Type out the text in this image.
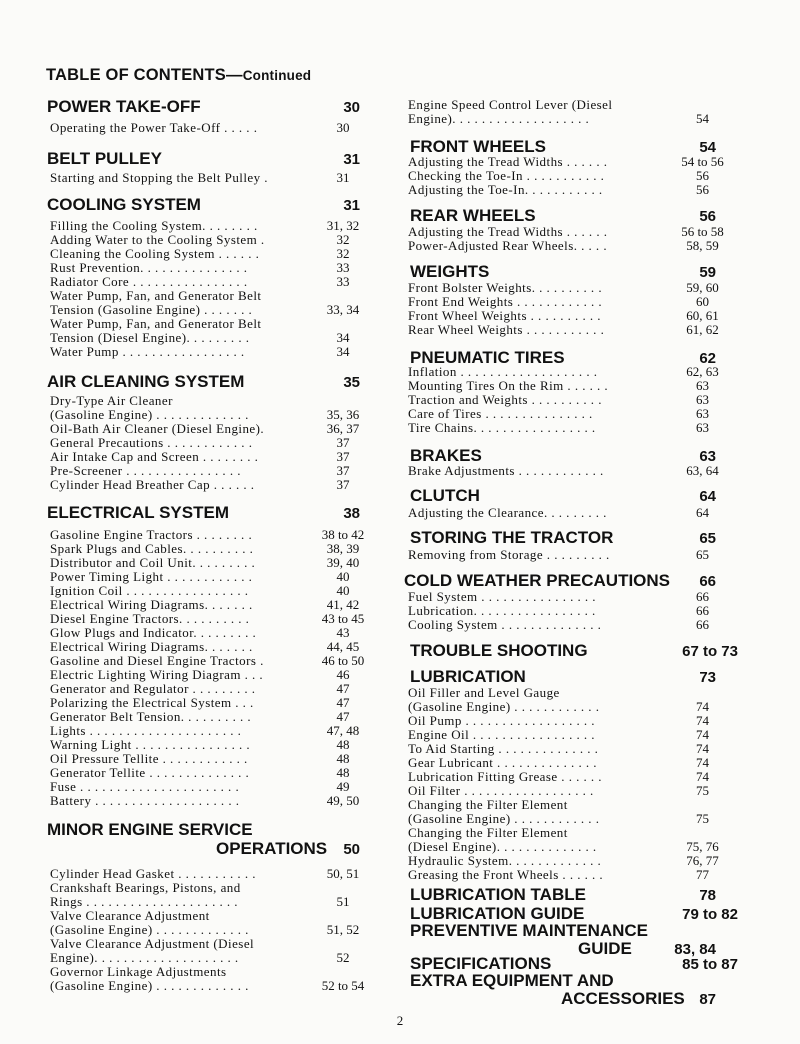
TABLE OF CONTENTS—Continued
POWER TAKE-OFF	30
Operating the Power Take-Off . . . . .	30
BELT PULLEY	31
Starting and Stopping the Belt Pulley .	31
COOLING SYSTEM	31
Filling the Cooling System. . . . . . . .	31, 32
Adding Water to the Cooling System .	32
Cleaning the Cooling System . . . . . .	32
Rust Prevention. . . . . . . . . . . . . . .	33
Radiator Core . . . . . . . . . . . . . . . .	33
Water Pump, Fan, and Generator Belt
Tension (Gasoline Engine) . . . . . . .	33, 34
Water Pump, Fan, and Generator Belt
Tension (Diesel Engine). . . . . . . . .	34
Water Pump . . . . . . . . . . . . . . . . .	34
AIR CLEANING SYSTEM	35
Dry-Type Air Cleaner
(Gasoline Engine) . . . . . . . . . . . . .	35, 36
Oil-Bath Air Cleaner (Diesel Engine).	36, 37
General Precautions . . . . . . . . . . . .	37
Air Intake Cap and Screen . . . . . . . .	37
Pre-Screener . . . . . . . . . . . . . . . .	37
Cylinder Head Breather Cap . . . . . .	37
ELECTRICAL SYSTEM	38
Gasoline Engine Tractors . . . . . . . .	38 to 42
Spark Plugs and Cables. . . . . . . . . .	38, 39
Distributor and Coil Unit. . . . . . . . .	39, 40
Power Timing Light . . . . . . . . . . . .	40
Ignition Coil . . . . . . . . . . . . . . . . .	40
Electrical Wiring Diagrams. . . . . . .	41, 42
Diesel Engine Tractors. . . . . . . . . .	43 to 45
Glow Plugs and Indicator. . . . . . . . .	43
Electrical Wiring Diagrams. . . . . . .	44, 45
Gasoline and Diesel Engine Tractors .	46 to 50
Electric Lighting Wiring Diagram . . .	46
Generator and Regulator . . . . . . . . .	47
Polarizing the Electrical System . . .	47
Generator Belt Tension. . . . . . . . . .	47
Lights . . . . . . . . . . . . . . . . . . . . .	47, 48
Warning Light . . . . . . . . . . . . . . . .	48
Oil Pressure Tellite . . . . . . . . . . . .	48
Generator Tellite . . . . . . . . . . . . . .	48
Fuse . . . . . . . . . . . . . . . . . . . . . .	49
Battery . . . . . . . . . . . . . . . . . . . .	49, 50
MINOR ENGINE SERVICE
OPERATIONS	50
Cylinder Head Gasket . . . . . . . . . . .	50, 51
Crankshaft Bearings, Pistons, and
Rings . . . . . . . . . . . . . . . . . . . . .	51
Valve Clearance Adjustment
(Gasoline Engine) . . . . . . . . . . . . .	51, 52
Valve Clearance Adjustment (Diesel
Engine). . . . . . . . . . . . . . . . . . . .	52
Governor Linkage Adjustments
(Gasoline Engine) . . . . . . . . . . . . .	52 to 54
Engine Speed Control Lever (Diesel
Engine). . . . . . . . . . . . . . . . . . .	54
FRONT WHEELS	54
Adjusting the Tread Widths . . . . . .	54 to 56
Checking the Toe-In . . . . . . . . . . .	56
Adjusting the Toe-In. . . . . . . . . . .	56
REAR WHEELS	56
Adjusting the Tread Widths . . . . . .	56 to 58
Power-Adjusted Rear Wheels. . . . .	58, 59
WEIGHTS	59
Front Bolster Weights. . . . . . . . . .	59, 60
Front End Weights . . . . . . . . . . . .	60
Front Wheel Weights . . . . . . . . . .	60, 61
Rear Wheel Weights . . . . . . . . . . .	61, 62
PNEUMATIC TIRES	62
Inflation . . . . . . . . . . . . . . . . . . .	62, 63
Mounting Tires On the Rim . . . . . .	63
Traction and Weights . . . . . . . . . .	63
Care of Tires . . . . . . . . . . . . . . .	63
Tire Chains. . . . . . . . . . . . . . . . .	63
BRAKES	63
Brake Adjustments . . . . . . . . . . . .	63, 64
CLUTCH	64
Adjusting the Clearance. . . . . . . . .	64
STORING THE TRACTOR	65
Removing from Storage . . . . . . . . .	65
COLD WEATHER PRECAUTIONS	66
Fuel System . . . . . . . . . . . . . . . .	66
Lubrication. . . . . . . . . . . . . . . . .	66
Cooling System . . . . . . . . . . . . . .	66
TROUBLE SHOOTING	67 to 73
LUBRICATION	73
Oil Filler and Level Gauge
(Gasoline Engine) . . . . . . . . . . . .	74
Oil Pump . . . . . . . . . . . . . . . . . .	74
Engine Oil . . . . . . . . . . . . . . . . .	74
To Aid Starting . . . . . . . . . . . . . .	74
Gear Lubricant . . . . . . . . . . . . . .	74
Lubrication Fitting Grease . . . . . .	74
Oil Filter . . . . . . . . . . . . . . . . . .	75
Changing the Filter Element
(Gasoline Engine) . . . . . . . . . . . .	75
Changing the Filter Element
(Diesel Engine). . . . . . . . . . . . . .	75, 76
Hydraulic System. . . . . . . . . . . . .	76, 77
Greasing the Front Wheels . . . . . .	77
LUBRICATION TABLE	78
LUBRICATION GUIDE	79 to 82
PREVENTIVE MAINTENANCE
GUIDE	83, 84
SPECIFICATIONS	85 to 87
EXTRA EQUIPMENT AND
ACCESSORIES 87
2
